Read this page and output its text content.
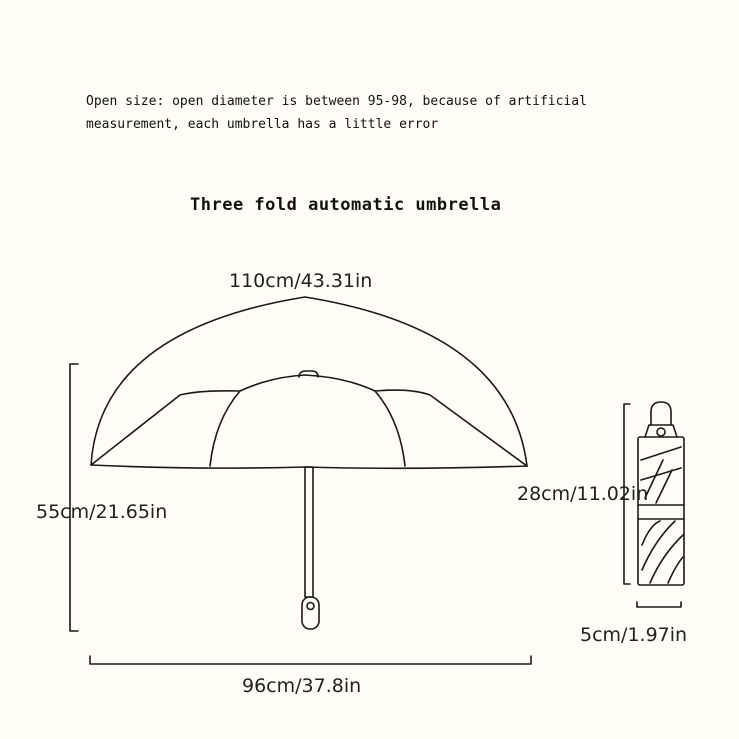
Open size: open diameter is between 95-98, because of artificial
measurement, each umbrella has a little error
Three fold automatic umbrella
110cm/43.31in
55cm/21.65in
96cm/37.8in
28cm/11.02in
5cm/1.97in
